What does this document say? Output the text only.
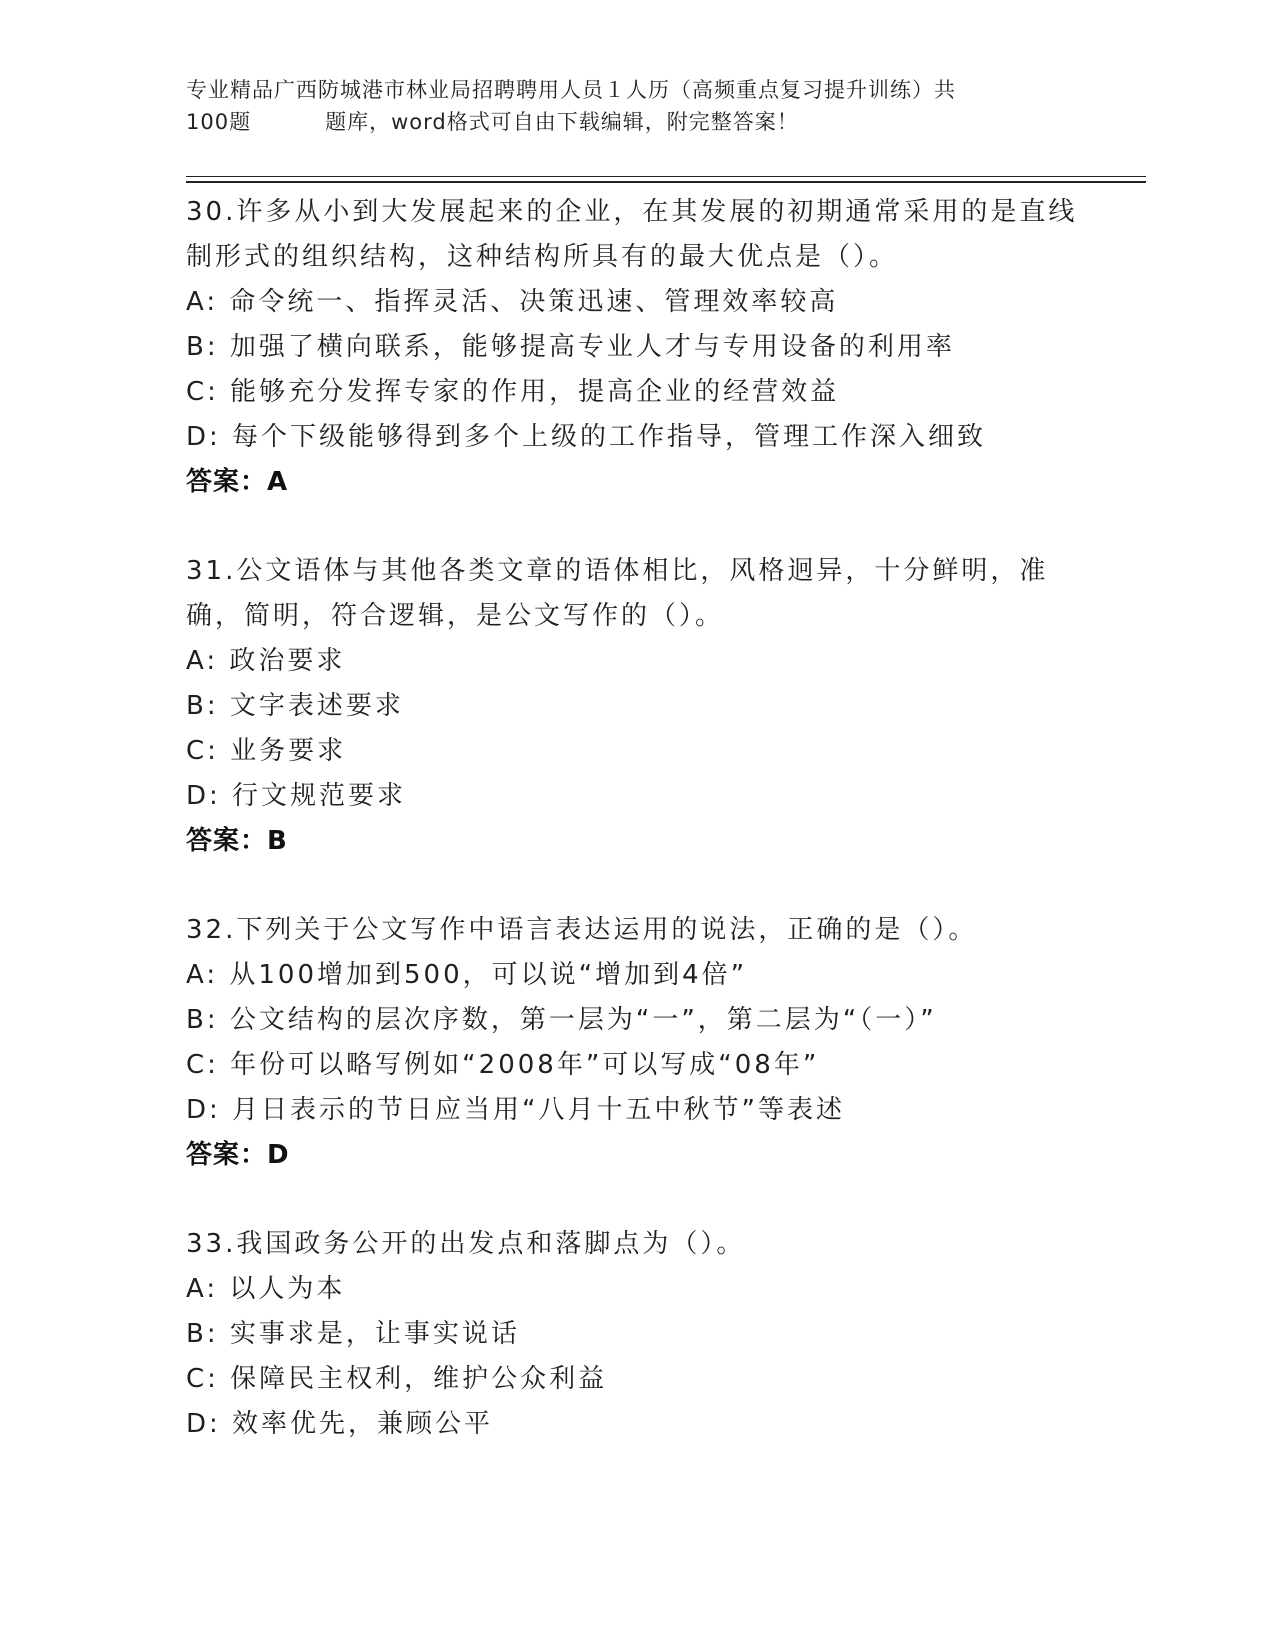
专业精品广西防城港市林业局招聘聘用人员１人历（高频重点复习提升训练）共
100题	题库，word格式可自由下载编辑，附完整答案！
30.许多从小到大发展起来的企业，在其发展的初期通常采用的是直线制形式的组织结构，这种结构所具有的最大优点是（）。
A: 命令统一、指挥灵活、决策迅速、管理效率较高
B: 加强了横向联系，能够提高专业人才与专用设备的利用率
C: 能够充分发挥专家的作用，提高企业的经营效益
D: 每个下级能够得到多个上级的工作指导，管理工作深入细致
答案：A
31.公文语体与其他各类文章的语体相比，风格迥异，十分鲜明，准确，简明，符合逻辑，是公文写作的（）。
A: 政治要求
B: 文字表述要求
C: 业务要求
D: 行文规范要求
答案：B
32.下列关于公文写作中语言表达运用的说法，正确的是（）。
A: 从100增加到500，可以说“增加到4倍”
B: 公文结构的层次序数，第一层为“一”，第二层为“（一）”
C: 年份可以略写例如“2008年”可以写成“08年”
D: 月日表示的节日应当用“八月十五中秋节”等表述
答案：D
33.我国政务公开的出发点和落脚点为（）。
A: 以人为本
B: 实事求是，让事实说话
C: 保障民主权利，维护公众利益
D: 效率优先，兼顾公平
